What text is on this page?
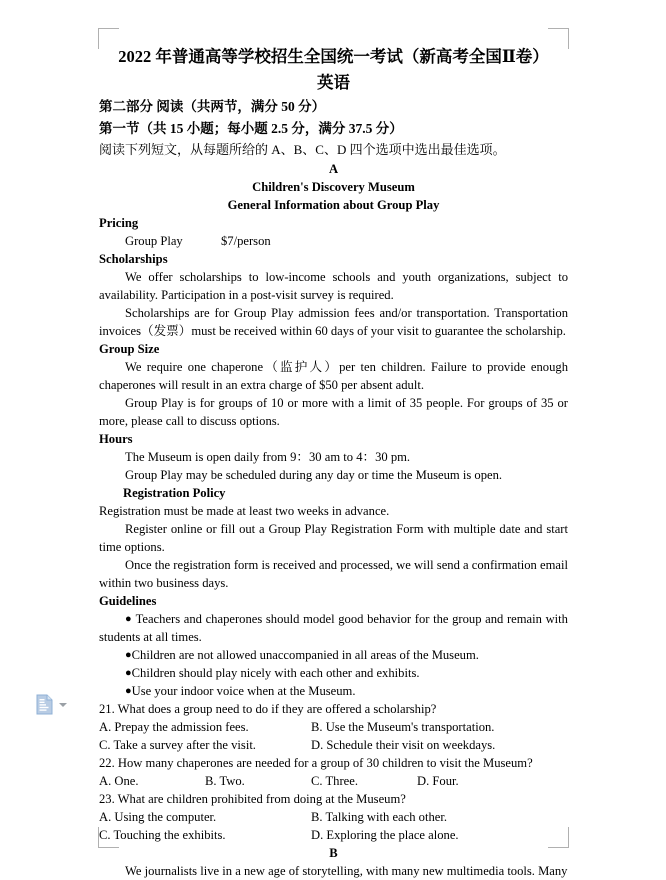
2022 年普通高等学校招生全国统一考试（新高考全国Ⅱ卷）
英语
第二部分 阅读（共两节，满分 50 分）
第一节（共 15 小题；每小题 2.5 分，满分 37.5 分）
阅读下列短文，从每题所给的 A、B、C、D 四个选项中选出最佳选项。
A
Children's Discovery Museum
General Information about Group Play
Pricing
Group Play	$7/person
Scholarships
We offer scholarships to low-income schools and youth organizations, subject to availability. Participation in a post-visit survey is required.
Scholarships are for Group Play admission fees and/or transportation. Transportation invoices（发票）must be received within 60 days of your visit to guarantee the scholarship.
Group Size
We require one chaperone（监护人）per ten children. Failure to provide enough chaperones will result in an extra charge of $50 per absent adult.
Group Play is for groups of 10 or more with a limit of 35 people. For groups of 35 or more, please call to discuss options.
Hours
The Museum is open daily from 9：30 am to 4：30 pm.
Group Play may be scheduled during any day or time the Museum is open.
Registration Policy
Registration must be made at least two weeks in advance.
Register online or fill out a Group Play Registration Form with multiple date and start time options.
Once the registration form is received and processed, we will send a confirmation email within two business days.
Guidelines
● Teachers and chaperones should model good behavior for the group and remain with students at all times.
●Children are not allowed unaccompanied in all areas of the Museum.
●Children should play nicely with each other and exhibits.
●Use your indoor voice when at the Museum.
21. What does a group need to do if they are offered a scholarship?
A. Prepay the admission fees.	B. Use the Museum's transportation.
C. Take a survey after the visit.	D. Schedule their visit on weekdays.
22. How many chaperones are needed for a group of 30 children to visit the Museum?
A. One.	B. Two.	C. Three.	D. Four.
23. What are children prohibited from doing at the Museum?
A. Using the computer.	B. Talking with each other.
C. Touching the exhibits.	D. Exploring the place alone.
B
We journalists live in a new age of storytelling, with many new multimedia tools. Many
